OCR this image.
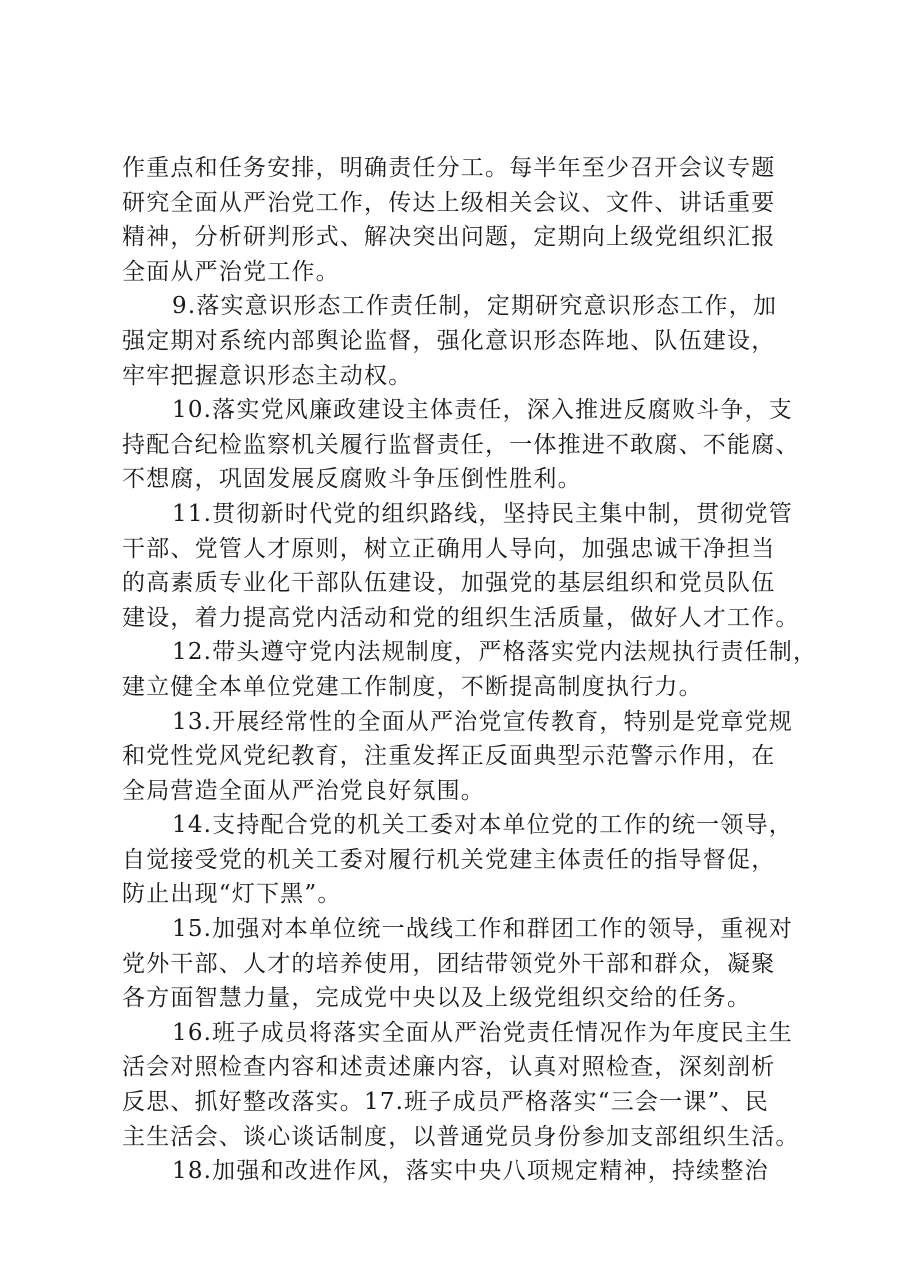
作重点和任务安排，明确责任分工。每半年至少召开会议专题
研究全面从严治党工作，传达上级相关会议、文件、讲话重要
精神，分析研判形式、解决突出问题，定期向上级党组织汇报
全面从严治党工作。
9.落实意识形态工作责任制，定期研究意识形态工作，加
强定期对系统内部舆论监督，强化意识形态阵地、队伍建设，
牢牢把握意识形态主动权。
10.落实党风廉政建设主体责任，深入推进反腐败斗争，支
持配合纪检监察机关履行监督责任，一体推进不敢腐、不能腐、
不想腐，巩固发展反腐败斗争压倒性胜利。
11.贯彻新时代党的组织路线，坚持民主集中制，贯彻党管
干部、党管人才原则，树立正确用人导向，加强忠诚干净担当
的高素质专业化干部队伍建设，加强党的基层组织和党员队伍
建设，着力提高党内活动和党的组织生活质量，做好人才工作。
12.带头遵守党内法规制度，严格落实党内法规执行责任制，
建立健全本单位党建工作制度，不断提高制度执行力。
13.开展经常性的全面从严治党宣传教育，特别是党章党规
和党性党风党纪教育，注重发挥正反面典型示范警示作用，在
全局营造全面从严治党良好氛围。
14.支持配合党的机关工委对本单位党的工作的统一领导，
自觉接受党的机关工委对履行机关党建主体责任的指导督促，
防止出现“灯下黑”。
15.加强对本单位统一战线工作和群团工作的领导，重视对
党外干部、人才的培养使用，团结带领党外干部和群众，凝聚
各方面智慧力量，完成党中央以及上级党组织交给的任务。
16.班子成员将落实全面从严治党责任情况作为年度民主生
活会对照检查内容和述责述廉内容，认真对照检查，深刻剖析
反思、抓好整改落实。17.班子成员严格落实“三会一课”、民
主生活会、谈心谈话制度，以普通党员身份参加支部组织生活。
18.加强和改进作风，落实中央八项规定精神，持续整治
